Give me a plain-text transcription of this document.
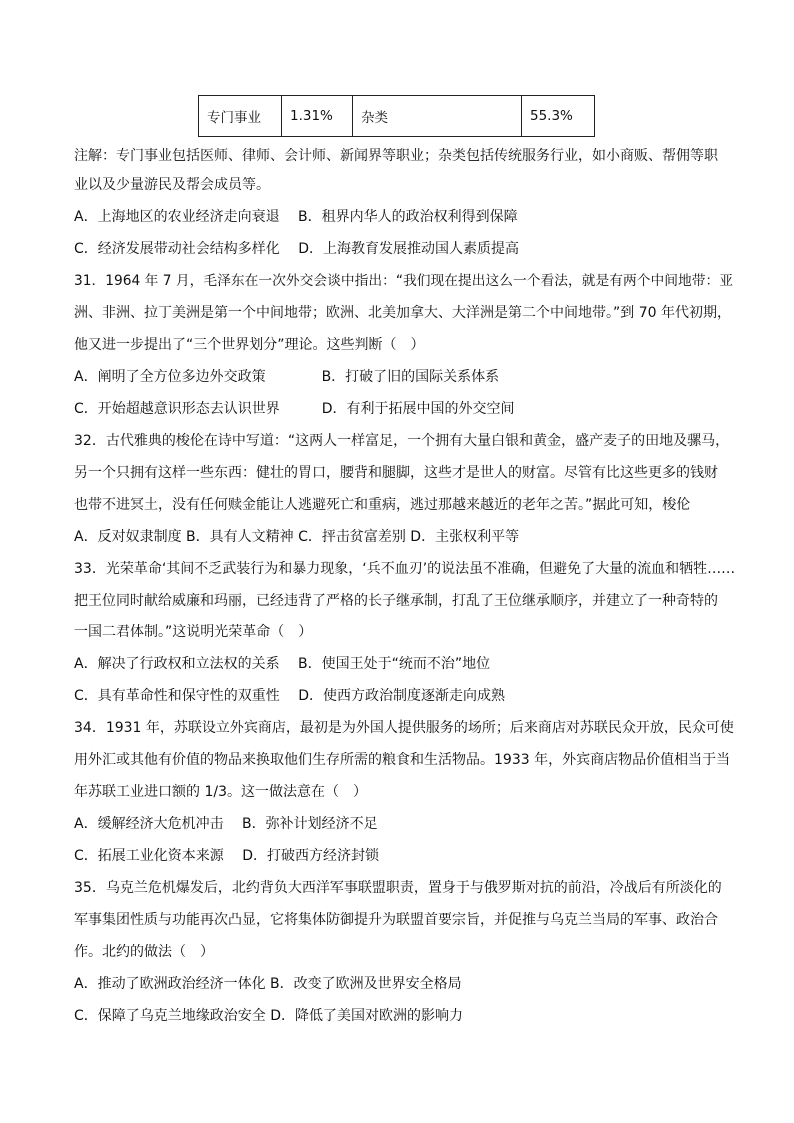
专门事业	1.31%	杂类	55.3%
注解：专门事业包括医师、律师、会计师、新闻界等职业；杂类包括传统服务行业，如小商贩、帮佣等职
业以及少量游民及帮会成员等。
A．上海地区的农业经济走向衰退　 B．租界内华人的政治权利得到保障
C．经济发展带动社会结构多样化　 D．上海教育发展推动国人素质提高
31．1964 年 7 月，毛泽东在一次外交会谈中指出：“我们现在提出这么一个看法，就是有两个中间地带：亚
洲、非洲、拉丁美洲是第一个中间地带；欧洲、北美加拿大、大洋洲是第二个中间地带。”到 70 年代初期，
他又进一步提出了“三个世界划分”理论。这些判断（　）
A．阐明了全方位多边外交政策　　　　B．打破了旧的国际关系体系
C．开始超越意识形态去认识世界　　　D．有利于拓展中国的外交空间
32．古代雅典的梭伦在诗中写道：“这两人一样富足，一个拥有大量白银和黄金，盛产麦子的田地及骡马，
另一个只拥有这样一些东西：健壮的胃口，腰背和腿脚，这些才是世人的财富。尽管有比这些更多的钱财
也带不进冥土，没有任何赎金能让人逃避死亡和重病，逃过那越来越近的老年之苦。”据此可知，梭伦
A．反对奴隶制度 B．具有人文精神 C．抨击贫富差别 D．主张权利平等
33．光荣革命‘其间不乏武装行为和暴力现象，‘兵不血刃’的说法虽不准确，但避免了大量的流血和牺牲……
把王位同时献给威廉和玛丽，已经违背了严格的长子继承制，打乱了王位继承顺序，并建立了一种奇特的
一国二君体制。”这说明光荣革命（　）
A．解决了行政权和立法权的关系　 B．使国王处于“统而不治”地位
C．具有革命性和保守性的双重性　 D．使西方政治制度逐渐走向成熟
34．1931 年，苏联设立外宾商店，最初是为外国人提供服务的场所；后来商店对苏联民众开放，民众可使
用外汇或其他有价值的物品来换取他们生存所需的粮食和生活物品。1933 年，外宾商店物品价值相当于当
年苏联工业进口额的 1/3。这一做法意在（　）
A．缓解经济大危机冲击　 B．弥补计划经济不足
C．拓展工业化资本来源　 D．打破西方经济封锁
35．乌克兰危机爆发后，北约背负大西洋军事联盟职责，置身于与俄罗斯对抗的前沿，冷战后有所淡化的
军事集团性质与功能再次凸显，它将集体防御提升为联盟首要宗旨，并促推与乌克兰当局的军事、政治合
作。北约的做法（　）
A．推动了欧洲政治经济一体化 B．改变了欧洲及世界安全格局
C．保障了乌克兰地缘政治安全 D．降低了美国对欧洲的影响力
